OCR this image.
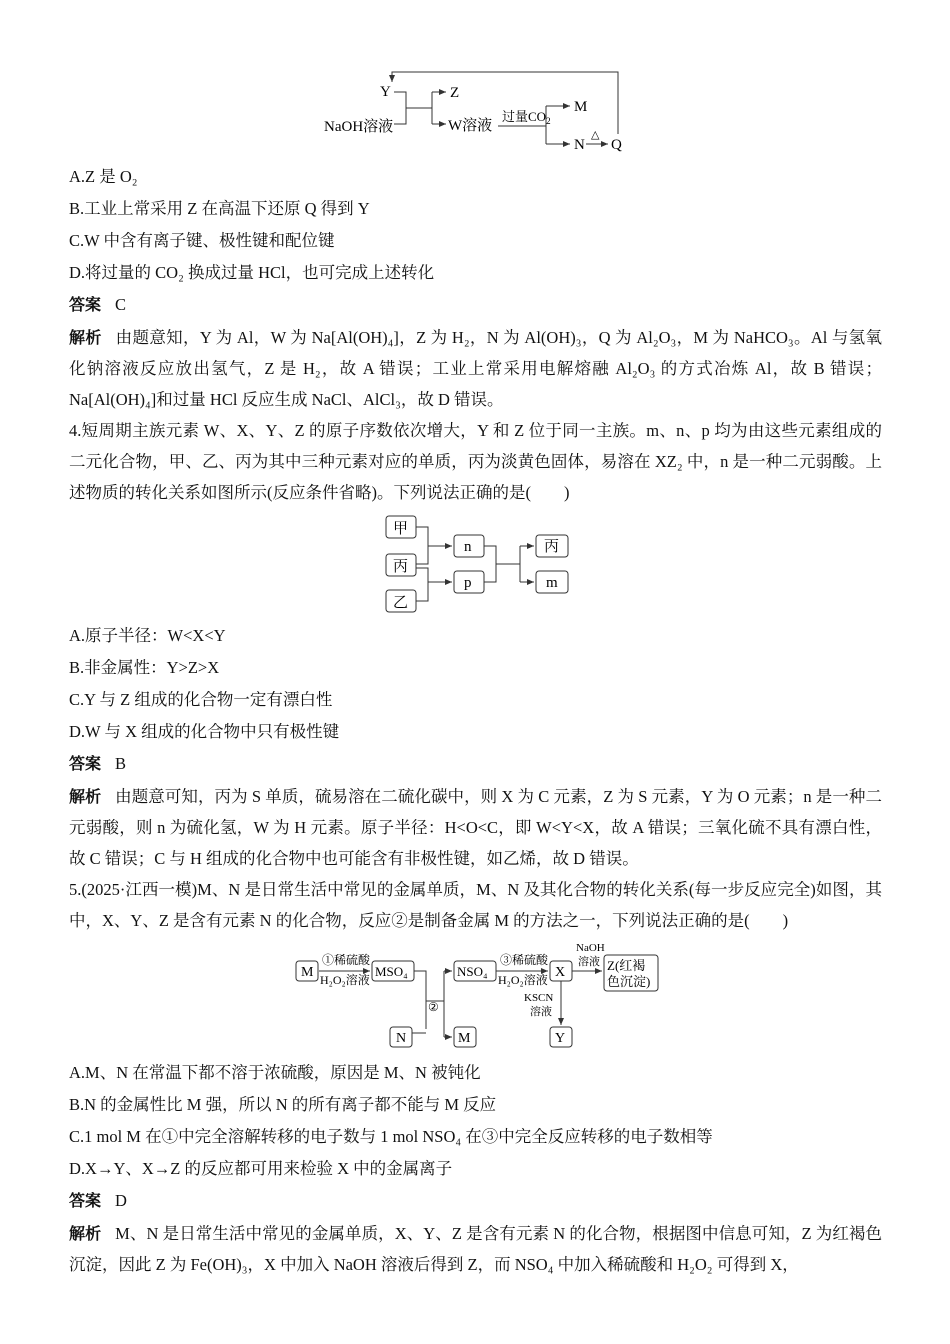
Y
NaOH溶液
Z
W溶液
过量$CO_2$
M
N
△
Q
A.Z 是 O₂
B.工业上常采用 Z 在高温下还原 Q 得到 Y
C.W 中含有离子键、极性键和配位键
D.将过量的 CO₂ 换成过量 HCl，也可完成上述转化
答案 C
解析 由题意知，Y 为 Al，W 为 Na[Al(OH)₄]，Z 为 H₂，N 为 Al(OH)₃，Q 为 Al₂O₃，M 为 NaHCO₃。Al 与氢氧化钠溶液反应放出氢气，Z 是 H₂，故 A 错误；工业上常采用电解熔融 Al₂O₃ 的方式冶炼 Al，故 B 错误；Na[Al(OH)₄]和过量 HCl 反应生成 NaCl、AlCl₃，故 D 错误。
4.短周期主族元素 W、X、Y、Z 的原子序数依次增大，Y 和 Z 位于同一主族。m、n、p 均为由这些元素组成的二元化合物，甲、乙、丙为其中三种元素对应的单质，丙为淡黄色固体，易溶在 XZ₂ 中，n 是一种二元弱酸。上述物质的转化关系如图所示(反应条件省略)。下列说法正确的是(　　)
甲
丙
乙
n
p
丙
m
A.原子半径：W<X<Y
B.非金属性：Y>Z>X
C.Y 与 Z 组成的化合物一定有漂白性
D.W 与 X 组成的化合物中只有极性键
答案 B
解析 由题意可知，丙为 S 单质，硫易溶在二硫化碳中，则 X 为 C 元素，Z 为 S 元素，Y 为 O 元素；n 是一种二元弱酸，则 n 为硫化氢，W 为 H 元素。原子半径：H<O<C，即 W<Y<X，故 A 错误；三氧化硫不具有漂白性，故 C 错误；C 与 H 组成的化合物中也可能含有非极性键，如乙烯，故 D 错误。
5.(2025·江西一模)M、N 是日常生活中常见的金属单质，M、N 及其化合物的转化关系(每一步反应完全)如图，其中，X、Y、Z 是含有元素 N 的化合物，反应②是制备金属 M 的方法之一，下列说法正确的是(　　)
M
①稀硫酸
H₂O₂溶液
MSO₄
②
N	M
NSO₄
③稀硫酸
H₂O₂溶液 X
NaOH
溶液 Z(红褐
色沉淀)
KSCN
溶液
Y
A.M、N 在常温下都不溶于浓硫酸，原因是 M、N 被钝化
B.N 的金属性比 M 强，所以 N 的所有离子都不能与 M 反应
C.1 mol M 在①中完全溶解转移的电子数与 1 mol NSO₄ 在③中完全反应转移的电子数相等
D.X→Y、X→Z 的反应都可用来检验 X 中的金属离子
答案 D
解析 M、N 是日常生活中常见的金属单质，X、Y、Z 是含有元素 N 的化合物，根据图中信息可知，Z 为红褐色沉淀，因此 Z 为 Fe(OH)₃，X 中加入 NaOH 溶液后得到 Z，而 NSO₄ 中加入稀硫酸和 H₂O₂ 可得到 X，
